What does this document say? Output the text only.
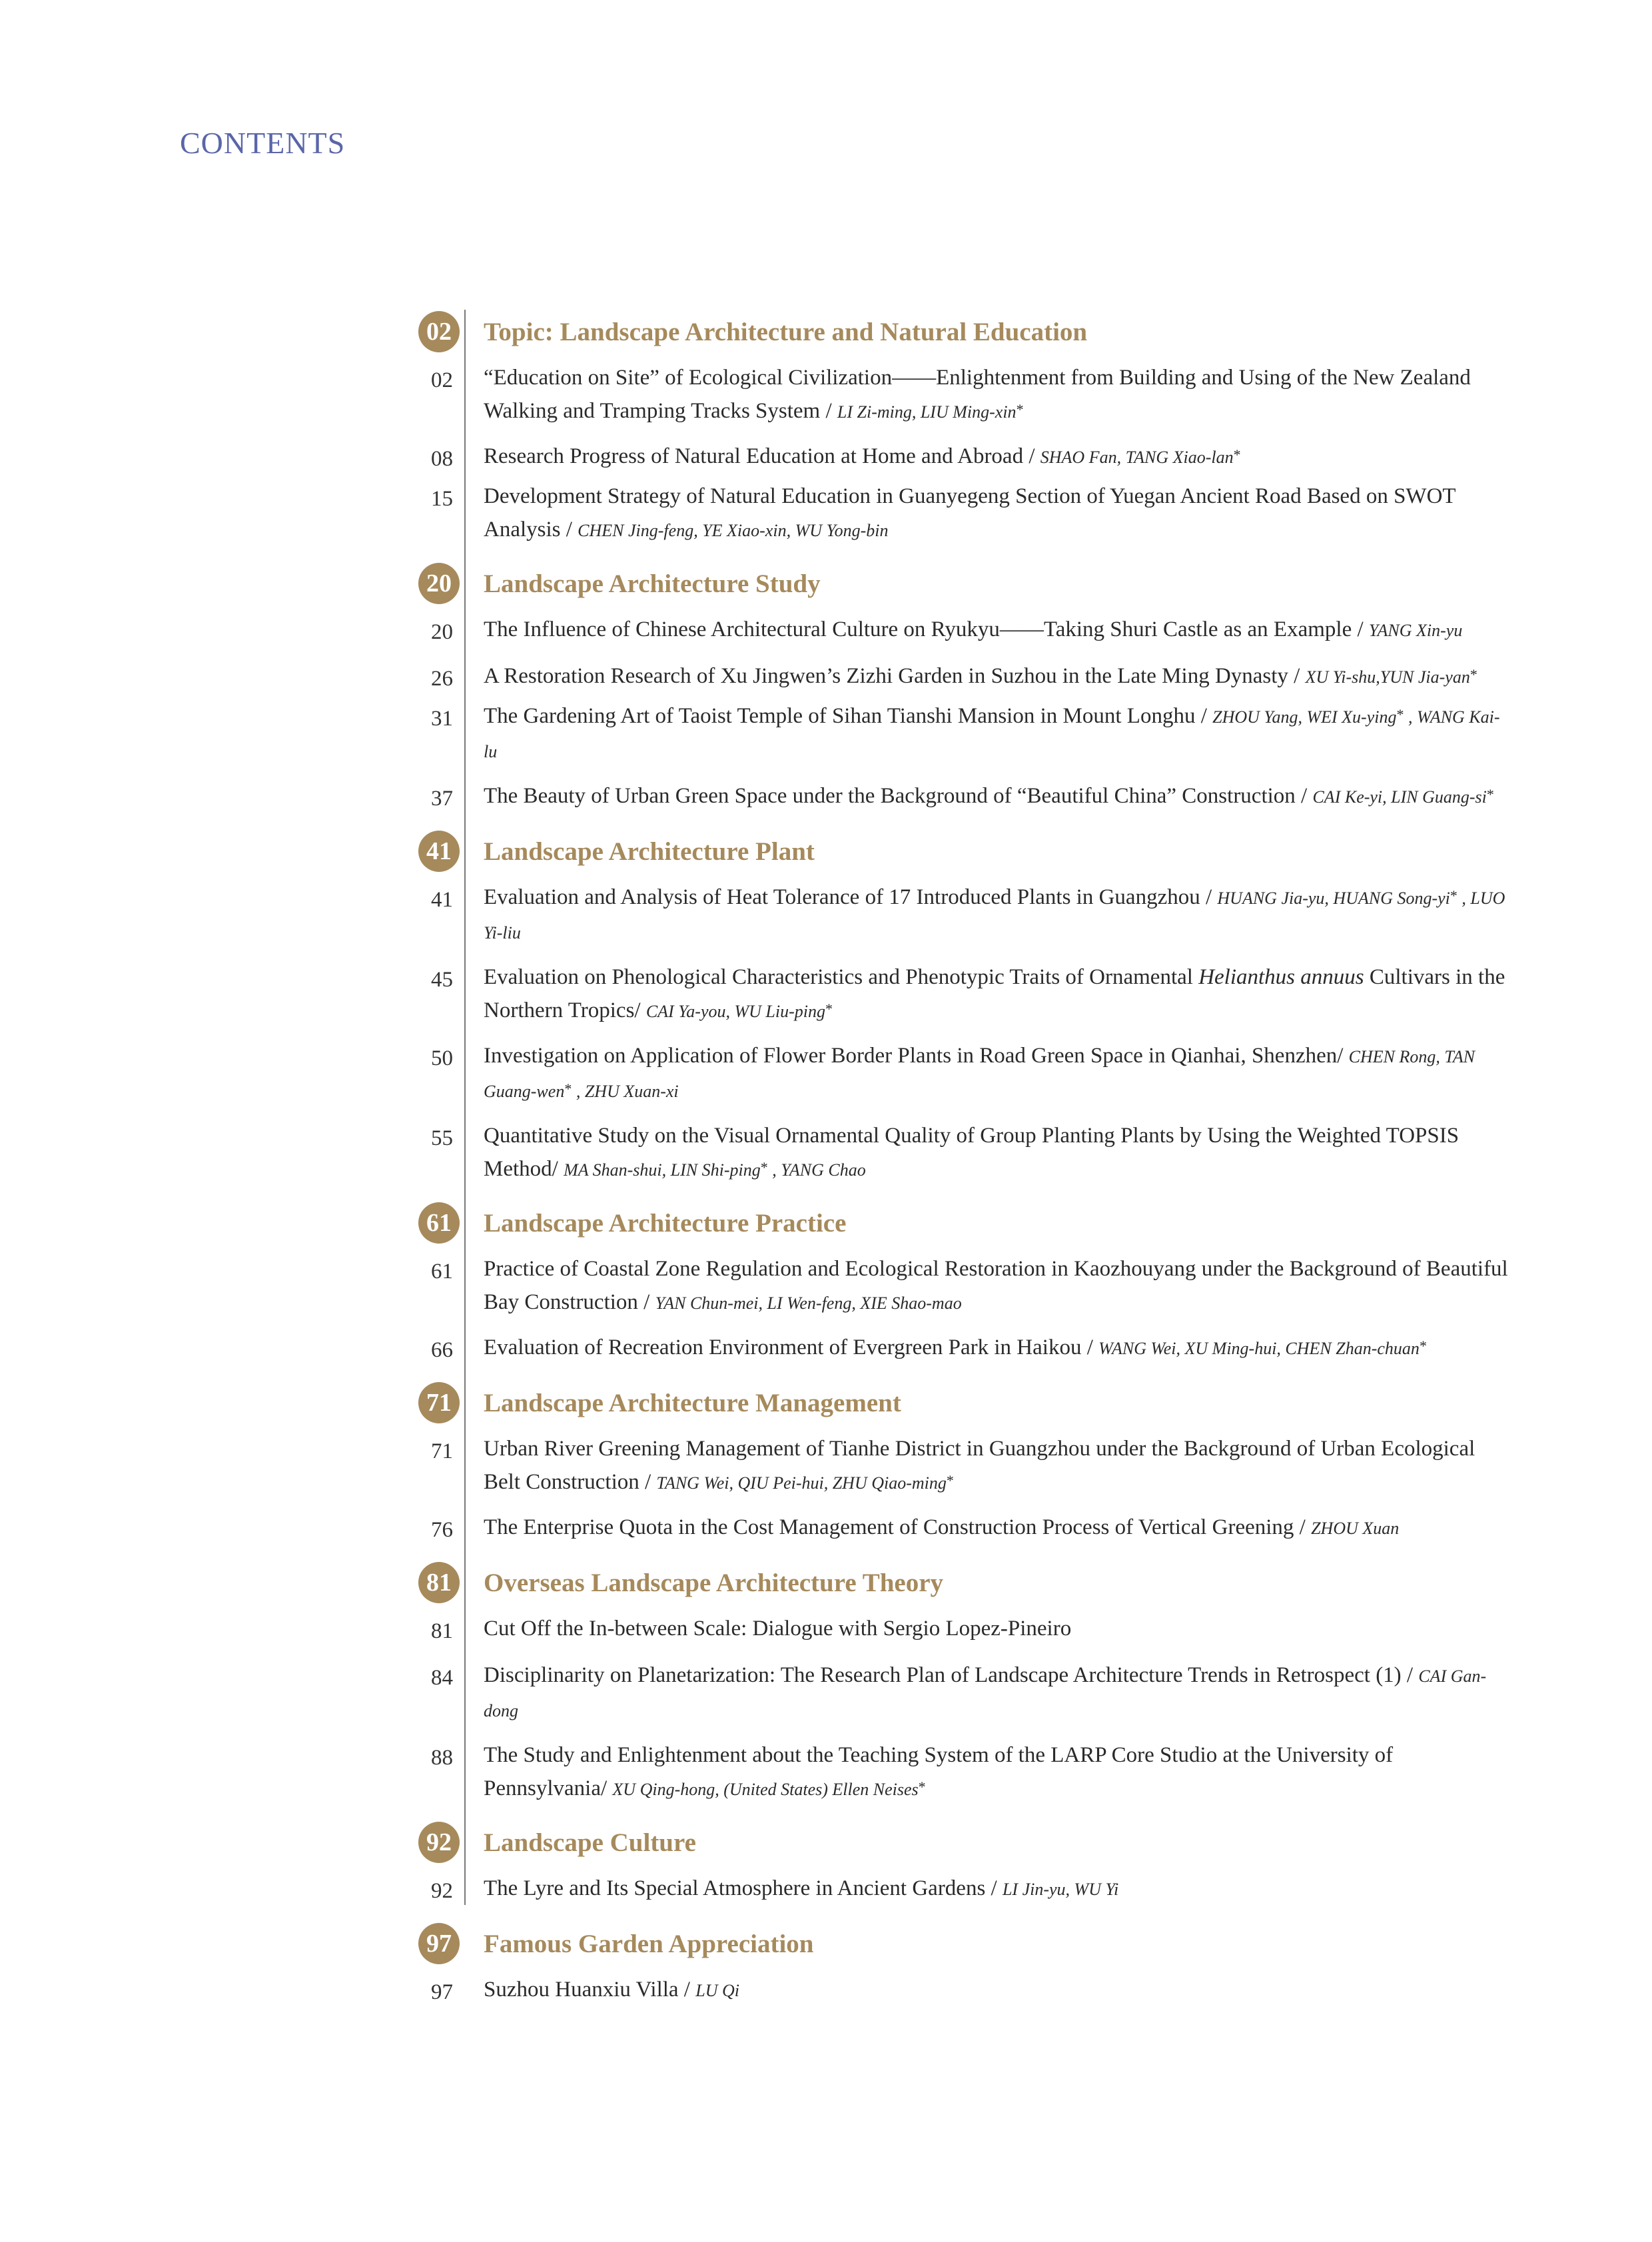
CONTENTS
02	Topic: Landscape Architecture and Natural Education
02 “Education on Site” of Ecological Civilization——Enlightenment from Building and Using of the New Zealand Walking and Tramping Tracks System / LI Zi-ming, LIU Ming-xin*
08 Research Progress of Natural Education at Home and Abroad / SHAO Fan, TANG Xiao-lan*
15 Development Strategy of Natural Education in Guanyegeng Section of Yuegan Ancient Road Based on SWOT Analysis / CHEN Jing-feng, YE Xiao-xin, WU Yong-bin
20	Landscape Architecture Study
20 The Influence of Chinese Architectural Culture on Ryukyu——Taking Shuri Castle as an Example / YANG Xin-yu
26 A Restoration Research of Xu Jingwen’s Zizhi Garden in Suzhou in the Late Ming Dynasty / XU Yi-shu,YUN Jia-yan*
31 The Gardening Art of Taoist Temple of Sihan Tianshi Mansion in Mount Longhu / ZHOU Yang, WEI Xu-ying* , WANG Kai-lu
37 The Beauty of Urban Green Space under the Background of “Beautiful China” Construction / CAI Ke-yi, LIN Guang-si*
41	Landscape Architecture Plant
41 Evaluation and Analysis of Heat Tolerance of 17 Introduced Plants in Guangzhou / HUANG Jia-yu, HUANG Song-yi* , LUO Yi-liu
45 Evaluation on Phenological Characteristics and Phenotypic Traits of Ornamental Helianthus annuus Cultivars in the Northern Tropics/ CAI Ya-you, WU Liu-ping*
50 Investigation on Application of Flower Border Plants in Road Green Space in Qianhai, Shenzhen/ CHEN Rong, TAN Guang-wen* , ZHU Xuan-xi
55 Quantitative Study on the Visual Ornamental Quality of Group Planting Plants by Using the Weighted TOPSIS Method/ MA Shan-shui, LIN Shi-ping* , YANG Chao
61	Landscape Architecture Practice
61 Practice of Coastal Zone Regulation and Ecological Restoration in Kaozhouyang under the Background of Beautiful Bay Construction / YAN Chun-mei, LI Wen-feng, XIE Shao-mao
66 Evaluation of Recreation Environment of Evergreen Park in Haikou / WANG Wei, XU Ming-hui, CHEN Zhan-chuan*
71	Landscape Architecture Management
71 Urban River Greening Management of Tianhe District in Guangzhou under the Background of Urban Ecological Belt Construction / TANG Wei, QIU Pei-hui, ZHU Qiao-ming*
76 The Enterprise Quota in the Cost Management of Construction Process of Vertical Greening / ZHOU Xuan
81	Overseas Landscape Architecture Theory
81 Cut Off the In-between Scale: Dialogue with Sergio Lopez-Pineiro
84 Disciplinarity on Planetarization: The Research Plan of Landscape Architecture Trends in Retrospect (1) / CAI Gan-dong
88 The Study and Enlightenment about the Teaching System of the LARP Core Studio at the University of Pennsylvania/ XU Qing-hong, (United States) Ellen Neises*
92	Landscape Culture
92 The Lyre and Its Special Atmosphere in Ancient Gardens / LI Jin-yu, WU Yi
97	Famous Garden Appreciation
97 Suzhou Huanxiu Villa / LU Qi
